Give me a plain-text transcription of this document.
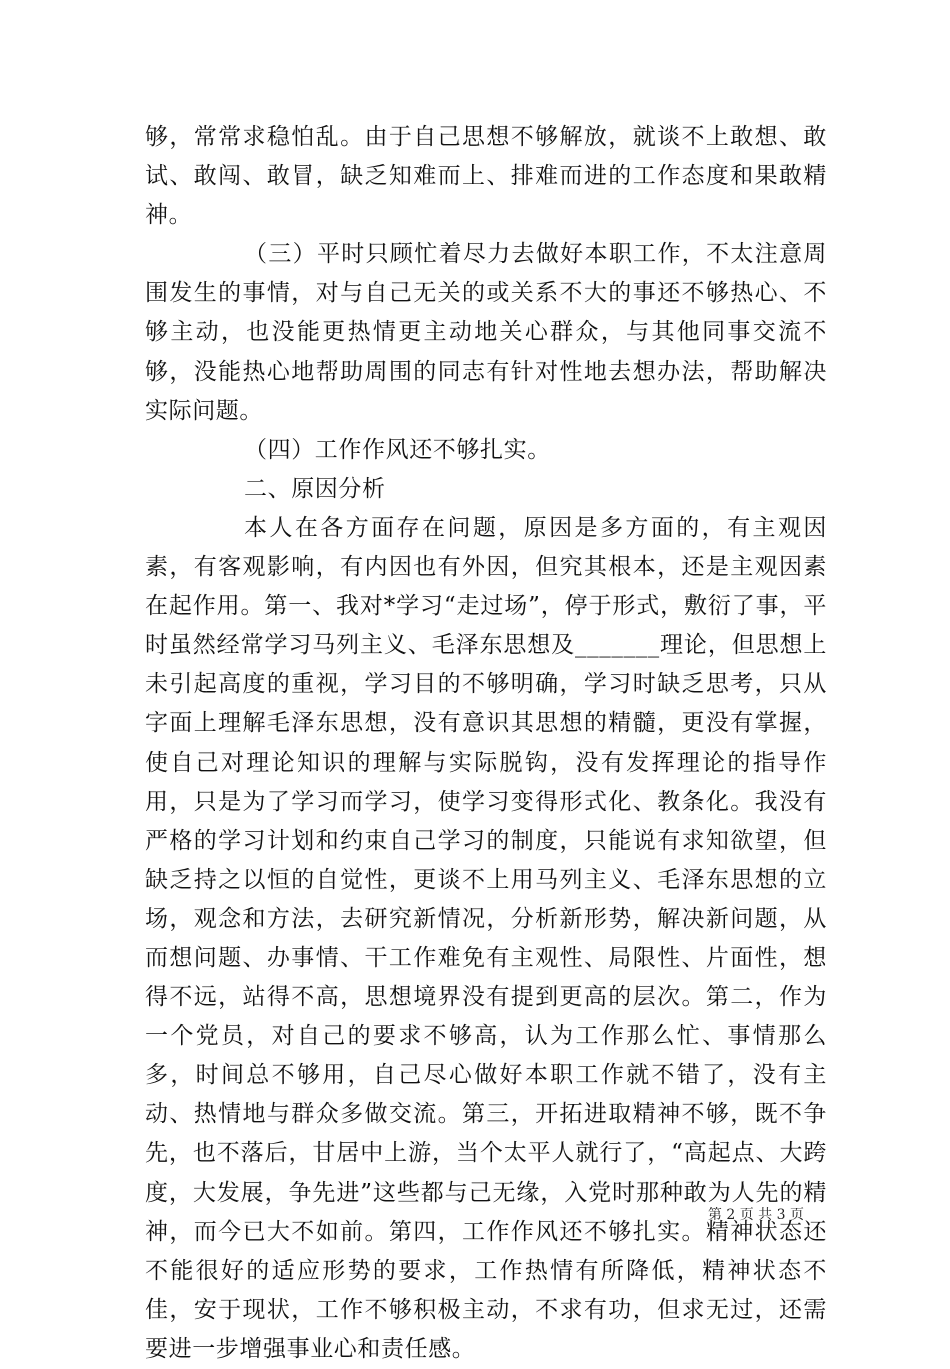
够，常常求稳怕乱。由于自己思想不够解放，就谈不上敢想、敢试、敢闯、敢冒，缺乏知难而上、排难而进的工作态度和果敢精神。

（三）平时只顾忙着尽力去做好本职工作，不太注意周围发生的事情，对与自己无关的或关系不大的事还不够热心、不够主动，也没能更热情更主动地关心群众，与其他同事交流不够，没能热心地帮助周围的同志有针对性地去想办法，帮助解决实际问题。

（四）工作作风还不够扎实。

二、原因分析

本人在各方面存在问题，原因是多方面的，有主观因素，有客观影响，有内因也有外因，但究其根本，还是主观因素在起作用。第一、我对*学习“走过场”，停于形式，敷衍了事，平时虽然经常学习马列主义、毛泽东思想及_______理论，但思想上未引起高度的重视，学习目的不够明确，学习时缺乏思考，只从字面上理解毛泽东思想，没有意识其思想的精髓，更没有掌握，使自己对理论知识的理解与实际脱钩，没有发挥理论的指导作用，只是为了学习而学习，使学习变得形式化、教条化。我没有严格的学习计划和约束自己学习的制度，只能说有求知欲望，但缺乏持之以恒的自觉性，更谈不上用马列主义、毛泽东思想的立场，观念和方法，去研究新情况，分析新形势，解决新问题，从而想问题、办事情、干工作难免有主观性、局限性、片面性，想得不远，站得不高，思想境界没有提到更高的层次。第二，作为一个党员，对自己的要求不够高，认为工作那么忙、事情那么多，时间总不够用，自己尽心做好本职工作就不错了，没有主动、热情地与群众多做交流。第三，开拓进取精神不够，既不争先，也不落后，甘居中上游，当个太平人就行了，“高起点、大跨度，大发展，争先进”这些都与己无缘，入党时那种敢为人先的精神，而今已大不如前。第四，工作作风还不够扎实。精神状态还不能很好的适应形势的要求，工作热情有所降低，精神状态不佳，安于现状，工作不够积极主动，不求有功，但求无过，还需要进一步增强事业心和责任感。

第 2 页 共 3 页
